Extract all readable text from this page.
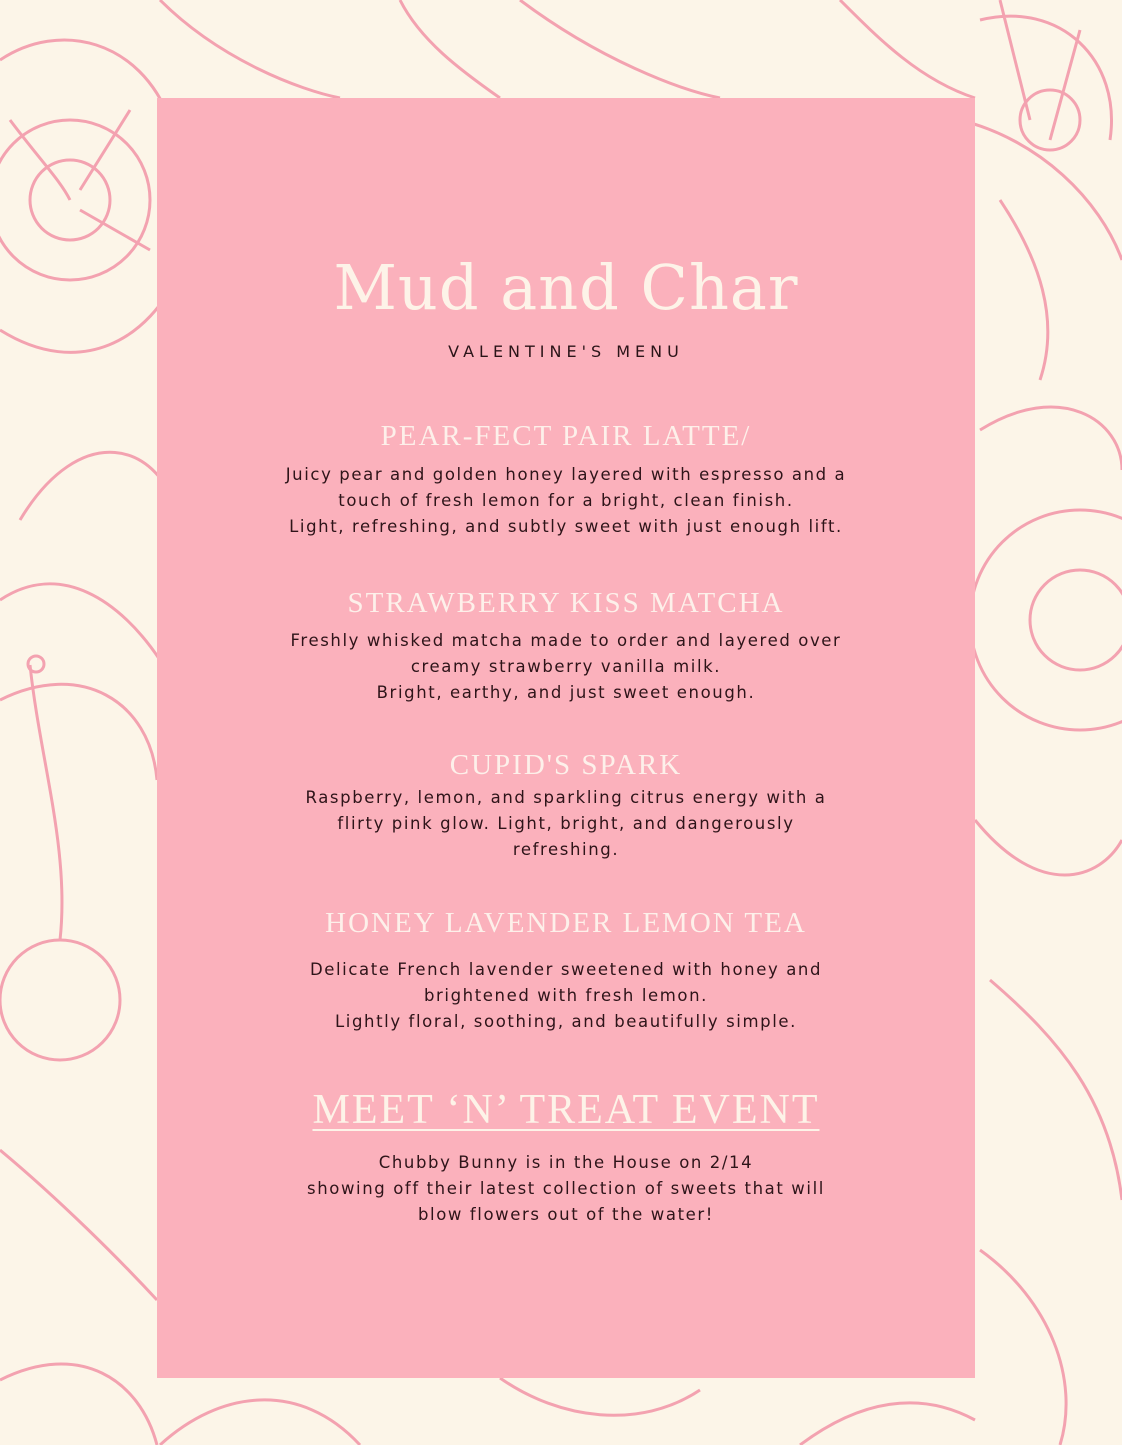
Mud and Char
VALENTINE'S MENU
PEAR-FECT PAIR LATTE/
Juicy pear and golden honey layered with espresso and a
touch of fresh lemon for a bright, clean finish.
Light, refreshing, and subtly sweet with just enough lift.
STRAWBERRY KISS MATCHA
Freshly whisked matcha made to order and layered over
creamy strawberry vanilla milk.
Bright, earthy, and just sweet enough.
CUPID'S SPARK
Raspberry, lemon, and sparkling citrus energy with a
flirty pink glow. Light, bright, and dangerously
refreshing.
HONEY LAVENDER LEMON TEA
Delicate French lavender sweetened with honey and
brightened with fresh lemon.
Lightly floral, soothing, and beautifully simple.
MEET ‘N’ TREAT EVENT
Chubby Bunny is in the House on 2/14
showing off their latest collection of sweets that will
blow flowers out of the water!
